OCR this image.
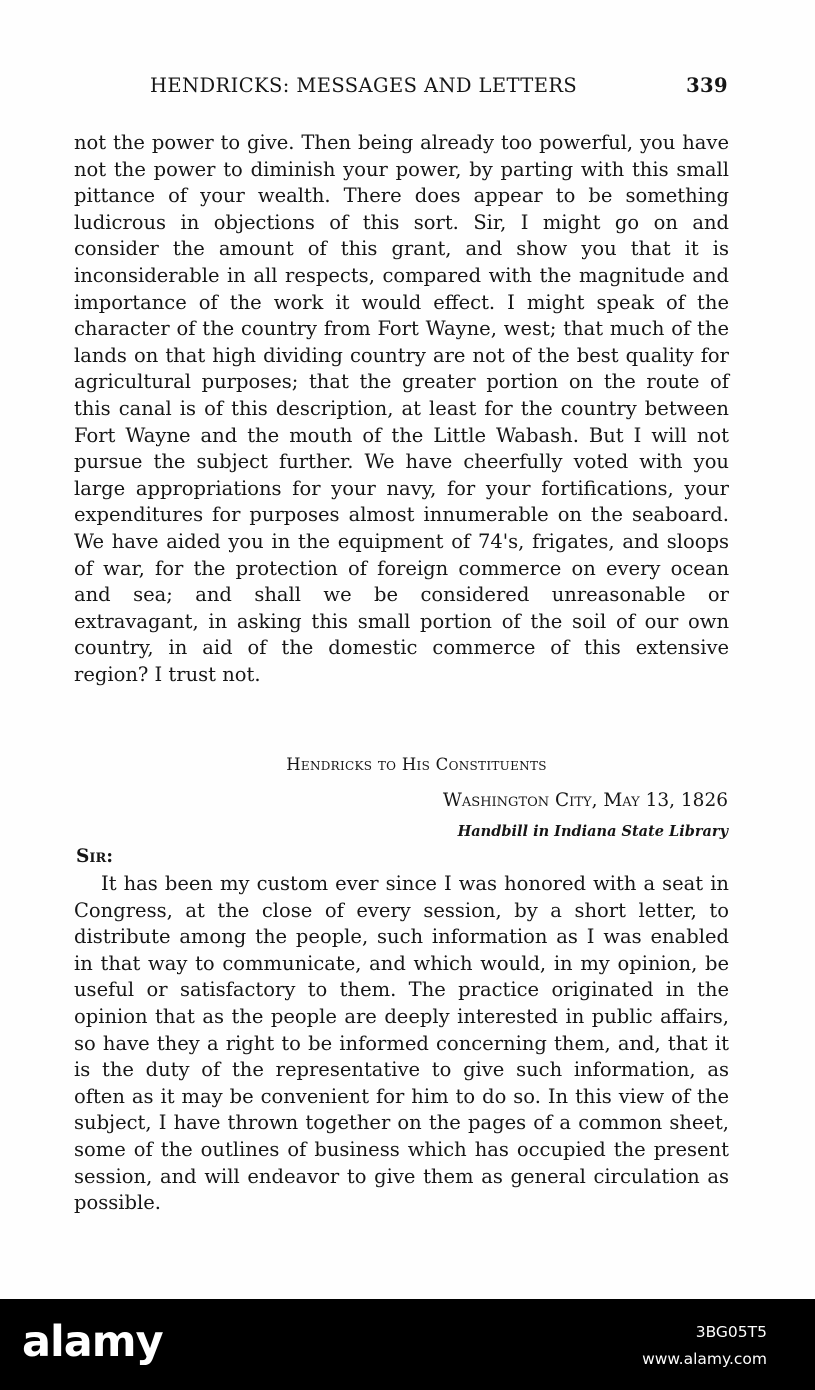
HENDRICKS: MESSAGES AND LETTERS	339

not the power to give. Then being already too powerful, you have not the power to diminish your power, by parting with this small pittance of your wealth. There does appear to be something ludicrous in objections of this sort. Sir, I might go on and consider the amount of this grant, and show you that it is inconsiderable in all respects, compared with the magnitude and importance of the work it would effect. I might speak of the character of the country from Fort Wayne, west; that much of the lands on that high dividing country are not of the best quality for agricultural purposes; that the greater portion on the route of this canal is of this description, at least for the country between Fort Wayne and the mouth of the Little Wabash. But I will not pursue the subject further. We have cheerfully voted with you large appropriations for your navy, for your fortifications, your expenditures for purposes almost innumerable on the seaboard. We have aided you in the equipment of 74's, frigates, and sloops of war, for the protection of foreign commerce on every ocean and sea; and shall we be considered unreasonable or extravagant, in asking this small portion of the soil of our own country, in aid of the domestic commerce of this extensive region? I trust not.

Hendricks to His Constituents
Washington City, May 13, 1826
Handbill in Indiana State Library
Sir:

It has been my custom ever since I was honored with a seat in Congress, at the close of every session, by a short letter, to distribute among the people, such information as I was enabled in that way to communicate, and which would, in my opinion, be useful or satisfactory to them. The practice originated in the opinion that as the people are deeply interested in public affairs, so have they a right to be informed concerning them, and, that it is the duty of the representative to give such information, as often as it may be convenient for him to do so. In this view of the subject, I have thrown together on the pages of a common sheet, some of the outlines of business which has occupied the present session, and will endeavor to give them as general circulation as possible.

alamy	3BG05T5
www.alamy.com
